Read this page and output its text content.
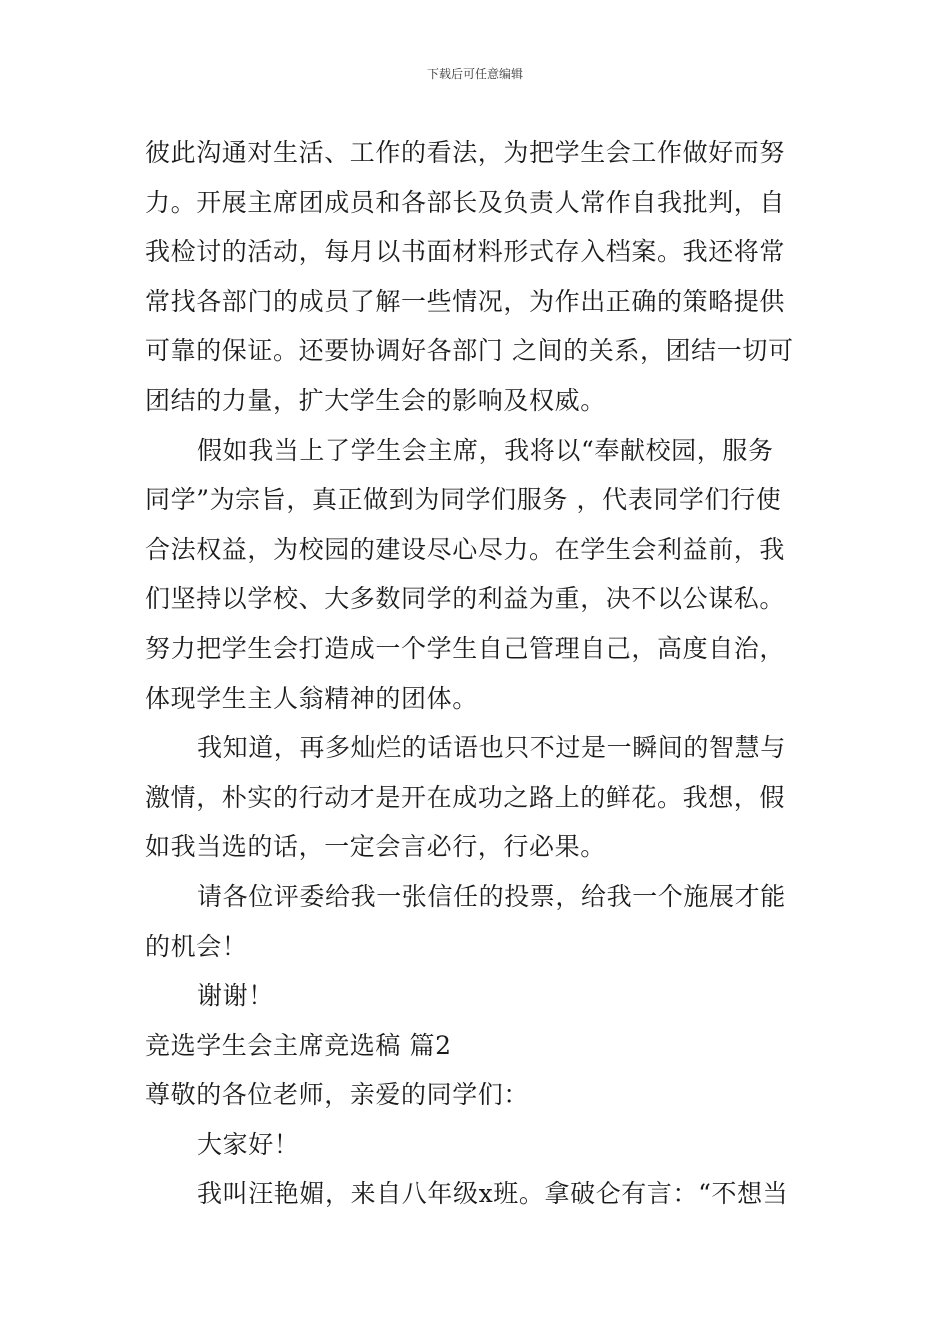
下载后可任意编辑
彼此沟通对生活、工作的看法，为把学生会工作做好而努
力。开展主席团成员和各部长及负责人常作自我批判，自
我检讨的活动，每月以书面材料形式存入档案。我还将常
常找各部门的成员了解一些情况，为作出正确的策略提供
可靠的保证。还要协调好各部门 之间的关系，团结一切可
团结的力量，扩大学生会的影响及权威。
假如我当上了学生会主席，我将以“奉献校园，服务
同学”为宗旨，真正做到为同学们服务 ，代表同学们行使
合法权益，为校园的建设尽心尽力。在学生会利益前，我
们坚持以学校、大多数同学的利益为重，决不以公谋私。
努力把学生会打造成一个学生自己管理自己，高度自治，
体现学生主人翁精神的团体。
我知道，再多灿烂的话语也只不过是一瞬间的智慧与
激情，朴实的行动才是开在成功之路上的鲜花。我想，假
如我当选的话，一定会言必行，行必果。
请各位评委给我一张信任的投票，给我一个施展才能
的机会！
谢谢！
竞选学生会主席竞选稿 篇2
尊敬的各位老师，亲爱的同学们：
大家好！
我叫汪艳媚，来自八年级x班。拿破仑有言：“不想当
